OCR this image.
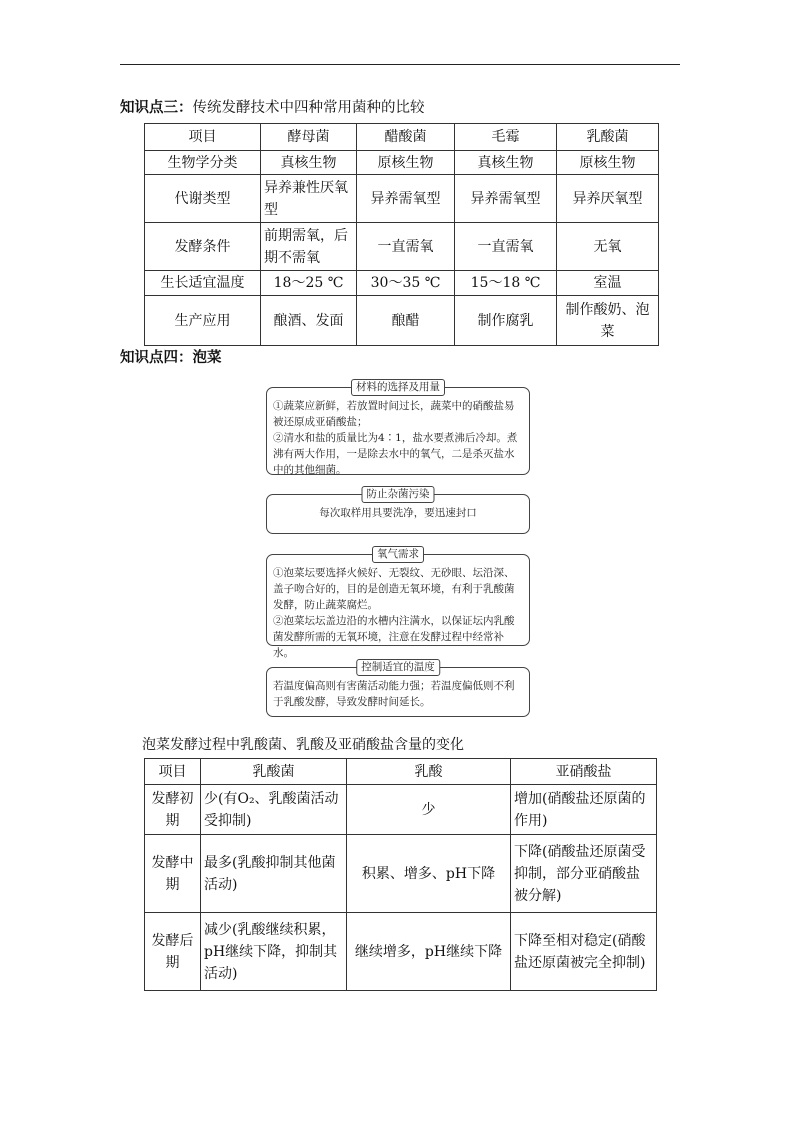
知识点三：传统发酵技术中四种常用菌种的比较
项目	酵母菌	醋酸菌	毛霉	乳酸菌
生物学分类	真核生物	原核生物	真核生物	原核生物
代谢类型	异养兼性厌氧型	异养需氧型	异养需氧型	异养厌氧型
发酵条件	前期需氧，后期不需氧	一直需氧	一直需氧	无氧
生长适宜温度	18～25 ℃	30～35 ℃	15～18 ℃	室温
生产应用	酿酒、发面	酿醋	制作腐乳	制作酸奶、泡菜
知识点四：泡菜
材料的选择及用量

①蔬菜应新鲜，若放置时间过长，蔬菜中的硝酸盐易被还原成亚硝酸盐；

②清水和盐的质量比为4∶1，盐水要煮沸后冷却。煮沸有两大作用，一是除去水中的氧气，二是杀灭盐水中的其他细菌。

防止杂菌污染

每次取样用具要洗净，要迅速封口

氧气需求

①泡菜坛要选择火候好、无裂纹、无砂眼、坛沿深、盖子吻合好的，目的是创造无氧环境，有利于乳酸菌发酵，防止蔬菜腐烂。

②泡菜坛坛盖边沿的水槽内注满水，以保证坛内乳酸菌发酵所需的无氧环境，注意在发酵过程中经常补水。

控制适宜的温度

若温度偏高则有害菌活动能力强；若温度偏低则不利于乳酸发酵，导致发酵时间延长。

泡菜发酵过程中乳酸菌、乳酸及亚硝酸盐含量的变化
项目	乳酸菌	乳酸	亚硝酸盐
发酵初期	少(有O₂、乳酸菌活动受抑制)	少	增加(硝酸盐还原菌的作用)
发酵中期	最多(乳酸抑制其他菌活动)	积累、增多、pH下降	下降(硝酸盐还原菌受抑制，部分亚硝酸盐被分解)
发酵后期	减少(乳酸继续积累，pH继续下降，抑制其活动)	继续增多，pH继续下降	下降至相对稳定(硝酸盐还原菌被完全抑制)
